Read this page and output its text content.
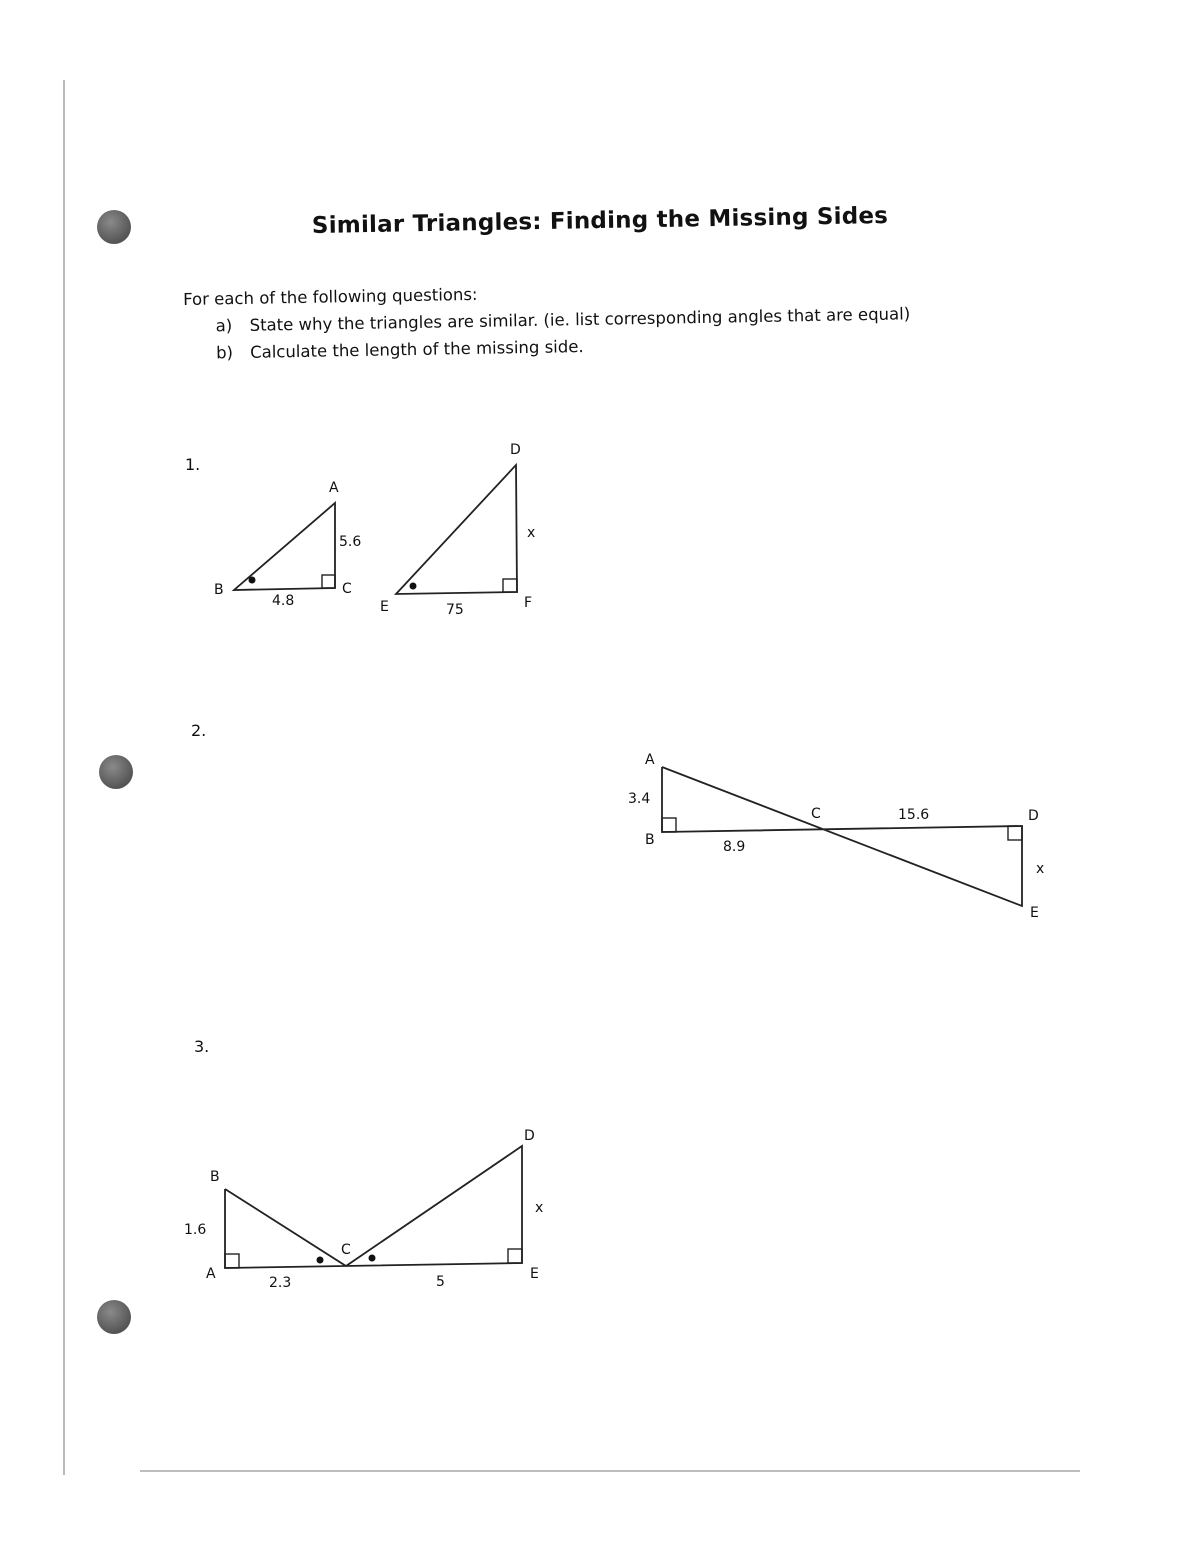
Similar Triangles: Finding the Missing Sides
For each of the following questions:
a) State why the triangles are similar. (ie. list corresponding angles that are equal)
b) Calculate the length of the missing side.
1.
2.
3.
A
B	C
5.6
4.8
D
E	F
x
75
A
B
C	D
E
3.4
8.9
15.6
x
A
B
C
D
E
1.6
2.3	5
x
